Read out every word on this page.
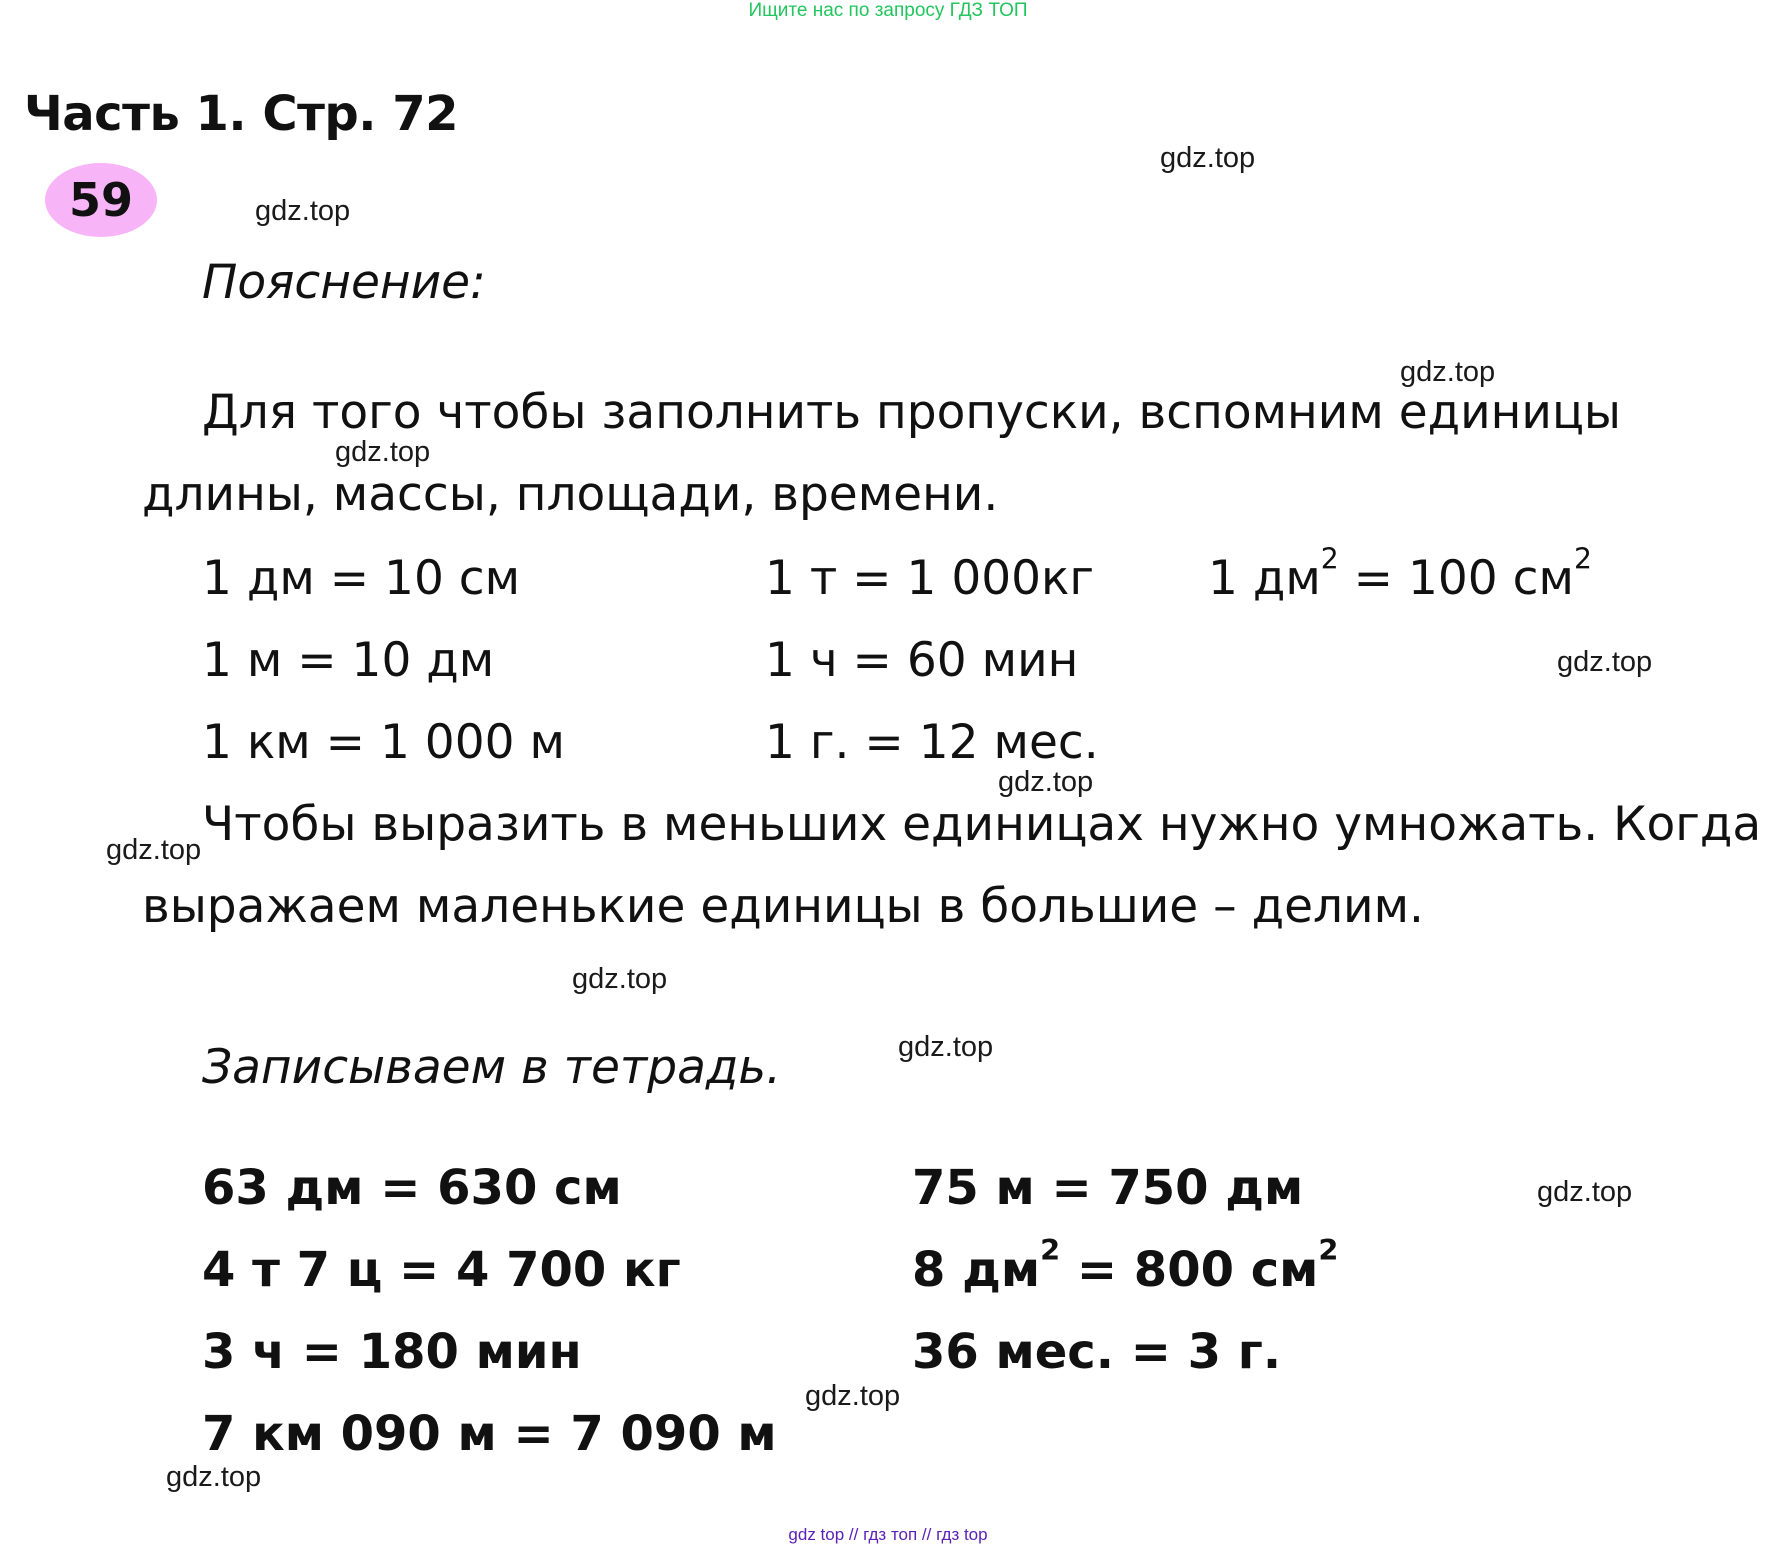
Ищите нас по запросу ГДЗ ТОП
Часть 1. Стр. 72
59
Пояснение:
Для того чтобы заполнить пропуски, вспомним единицы
длины, массы, площади, времени.
1 дм = 10 см
1 м = 10 дм
1 км = 1 000 м
1 т = 1 000кг
1 ч = 60 мин
1 г. = 12 мес.
1 $дм^2 = 100$ $см^2$
Чтобы выразить в меньших единицах нужно умножать. Когда
выражаем маленькие единицы в большие – делим.
Записываем в тетрадь.
63 дм = 630 см
4 т 7 ц = 4 700 кг
3 ч = 180 мин
7 км 090 м = 7 090 м
75 м = 750 дм
8 $дм^2 = 800$ $см^2$
36 мес. = 3 г.
gdz.top
gdz.top
gdz.top
gdz.top
gdz.top
gdz.top
gdz.top
gdz.top
gdz.top
gdz.top
gdz.top
gdz.top
gdz top // гдз топ // гдз top
